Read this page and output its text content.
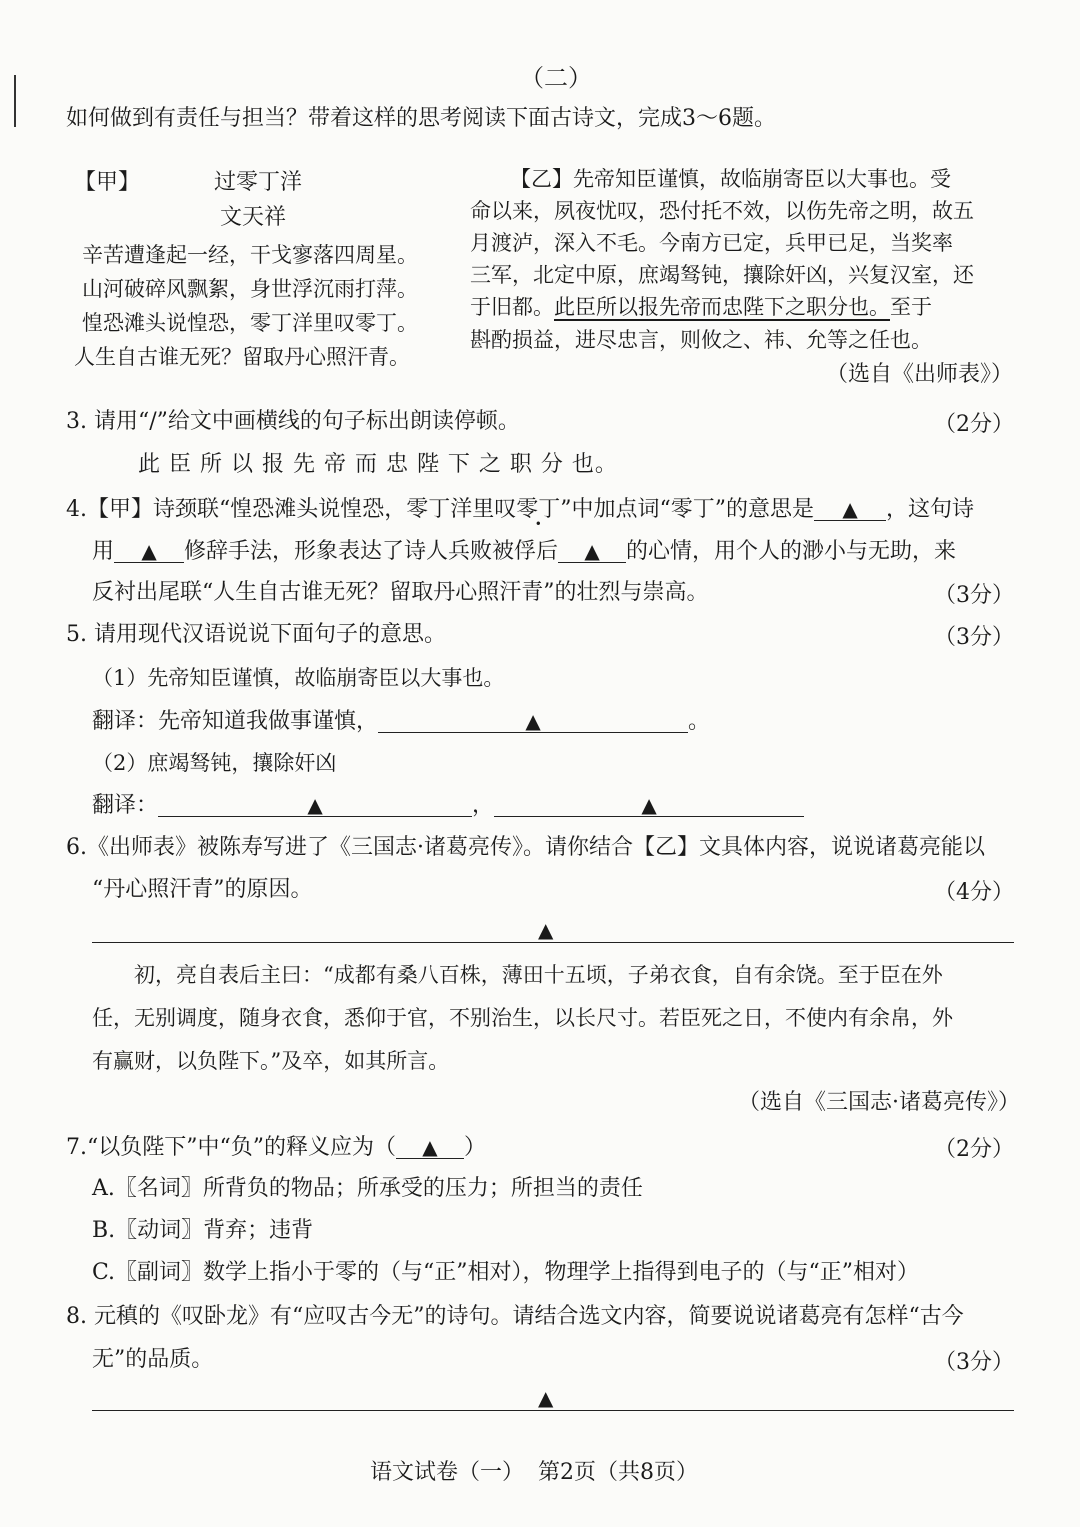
（二）
如何做到有责任与担当？带着这样的思考阅读下面古诗文，完成3～6题。
【甲】	过零丁洋
文天祥
辛苦遭逢起一经，干戈寥落四周星。
山河破碎风飘絮，身世浮沉雨打萍。
惶恐滩头说惶恐，零丁洋里叹零丁。
人生自古谁无死？留取丹心照汗青。
【乙】先帝知臣谨慎，故临崩寄臣以大事也。受
命以来，夙夜忧叹，恐付托不效，以伤先帝之明，故五
月渡泸，深入不毛。今南方已定，兵甲已足，当奖率
三军，北定中原，庶竭驽钝，攘除奸凶，兴复汉室，还
于旧都。此臣所以报先帝而忠陛下之职分也。至于
斟酌损益，进尽忠言，则攸之、祎、允等之任也。
（选自《出师表》）
3. 请用“/”给文中画横线的句子标出朗读停顿。	（2分）
此 臣 所 以 报 先 帝 而 忠 陛 下 之 职 分 也。
4.【甲】诗颈联“惶恐滩头说惶恐，零丁洋里叹零丁”中加点词“零丁”的意思是 ▲ ，这句诗
用 ▲ 修辞手法，形象表达了诗人兵败被俘后 ▲ 的心情，用个人的渺小与无助，来
反衬出尾联“人生自古谁无死？留取丹心照汗青”的壮烈与崇高。	（3分）
5. 请用现代汉语说说下面句子的意思。	（3分）
（1）先帝知臣谨慎，故临崩寄臣以大事也。
翻译：先帝知道我做事谨慎，	▲	。
（2）庶竭驽钝，攘除奸凶
翻译：	▲	，	▲
6.《出师表》被陈寿写进了《三国志·诸葛亮传》。请你结合【乙】文具体内容，说说诸葛亮能以
“丹心照汗青”的原因。	（4分）
▲
初，亮自表后主曰：“成都有桑八百株，薄田十五顷，子弟衣食，自有余饶。至于臣在外
任，无别调度，随身衣食，悉仰于官，不别治生，以长尺寸。若臣死之日，不使内有余帛，外
有赢财，以负陛下。”及卒，如其所言。
（选自《三国志·诸葛亮传》）
7.“以负陛下”中“负”的释义应为（ ▲ ）	（2分）
A.〖名词〗所背负的物品；所承受的压力；所担当的责任
B.〖动词〗背弃；违背
C.〖副词〗数学上指小于零的（与“正”相对），物理学上指得到电子的（与“正”相对）
8. 元稹的《叹卧龙》有“应叹古今无”的诗句。请结合选文内容，简要说说诸葛亮有怎样“古今
无”的品质。	（3分）
▲
语文试卷（一）  第2页（共8页）
